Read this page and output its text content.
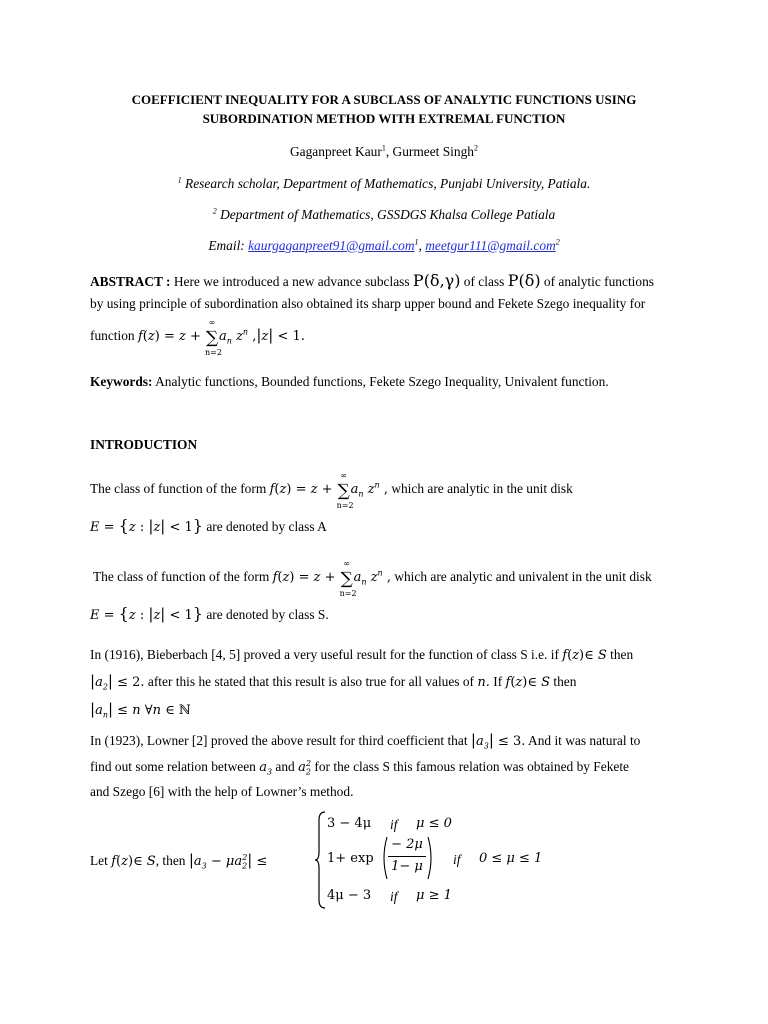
COEFFICIENT INEQUALITY FOR A SUBCLASS OF ANALYTIC FUNCTIONS USING
SUBORDINATION METHOD WITH EXTREMAL FUNCTION
Gaganpreet Kaur$^1$, Gurmeet Singh$^2$
$^1$ Research scholar, Department of Mathematics, Punjabi University, Patiala.
$^2$ Department of Mathematics, GSSDGS Khalsa College Patiala
Email: kaurgaganpreet91@gmail.com$^1$, meetgur111@gmail.com$^2$
ABSTRACT : Here we introduced a new advance subclass P(δ,γ) of class P(δ) of analytic functions
by using principle of subordination also obtained its sharp upper bound and Fekete Szego inequality for
function f(z) = z +
∞
∑
n=2
$a_n$ $z^n$ ,|z| < 1.
Keywords: Analytic functions, Bounded functions, Fekete Szego Inequality, Univalent function.
INTRODUCTION
The class of function of the form f(z) = z +
∞
∑
n=2
$a_n$ $z^n$ , which are analytic in the unit disk
E = {z : |z| < 1} are denoted by class A
The class of function of the form f(z) = z +
∞
∑
n=2
$a_n$ $z^n$ , which are analytic and univalent in the unit disk
E = {z : |z| < 1} are denoted by class S.
In (1916), Bieberbach [4, 5] proved a very useful result for the function of class S i.e. if f(z)∈ S then
$|a_2| \le 2$. after this he stated that this result is also true for all values of n. If f(z)∈ S then
$|a_n| \le n$ ∀n ∈ ℕ
In (1923), Lowner [2] proved the above result for third coefficient that $|a_3| \le 3$. And it was natural to
find out some relation between $a_3$ and $a_2^2$ for the class S this famous relation was obtained by Fekete
and Szego [6] with the help of Lowner’s method.
Let f(z)∈ S, then $|a_3 - \mu a_2^2|$ ≤
3 − 4μ if μ ≤ 0
1+ exp
− 2μ
1− μ	if 0 ≤ μ ≤ 1
4μ − 3 if μ ≥ 1
